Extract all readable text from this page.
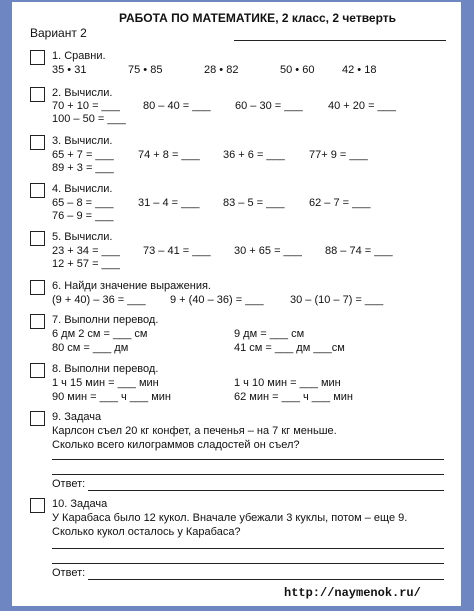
РАБОТА ПО МАТЕМАТИКЕ, 2 класс, 2 четверть
Вариант 2
1. Сравни.
35 • 31	75 • 85	28 • 82	50 • 60	42 • 18
2. Вычисли.
70 + 10 = ___ 80 – 40 = ___ 60 – 30 = ___ 40 + 20 = ___
100 – 50 = ___
3. Вычисли.
65 + 7 = ___ 74 + 8 = ___ 36 + 6 = ___ 77+ 9 = ___
89 + 3 = ___
4. Вычисли.
65 – 8 = ___ 31 – 4 = ___ 83 – 5 = ___ 62 – 7 = ___
76 – 9 = ___
5. Вычисли.
23 + 34 = ___ 73 – 41 = ___ 30 + 65 = ___ 88 – 74 = ___
12 + 57 = ___
6. Найди значение выражения.
(9 + 40) – 36 = ___ 9 + (40 – 36) = ___ 30 – (10 – 7) = ___
7. Выполни перевод.
6 дм 2 см = ___ см	9 дм = ___ см
80 см = ___ дм	41 см = ___ дм ___см
8. Выполни перевод.
1 ч 15 мин = ___ мин	1 ч 10 мин = ___ мин
90 мин = ___ ч ___ мин	62 мин = ___ ч ___ мин
9. Задача
Карлсон съел 20 кг конфет, а печенья – на 7 кг меньше.
Сколько всего килограммов сладостей он съел?
Ответ:
10. Задача
У Карабаса было 12 кукол. Вначале убежали 3 куклы, потом – еще 9.
Сколько кукол осталось у Карабаса?
Ответ:
http://naymenok.ru/
